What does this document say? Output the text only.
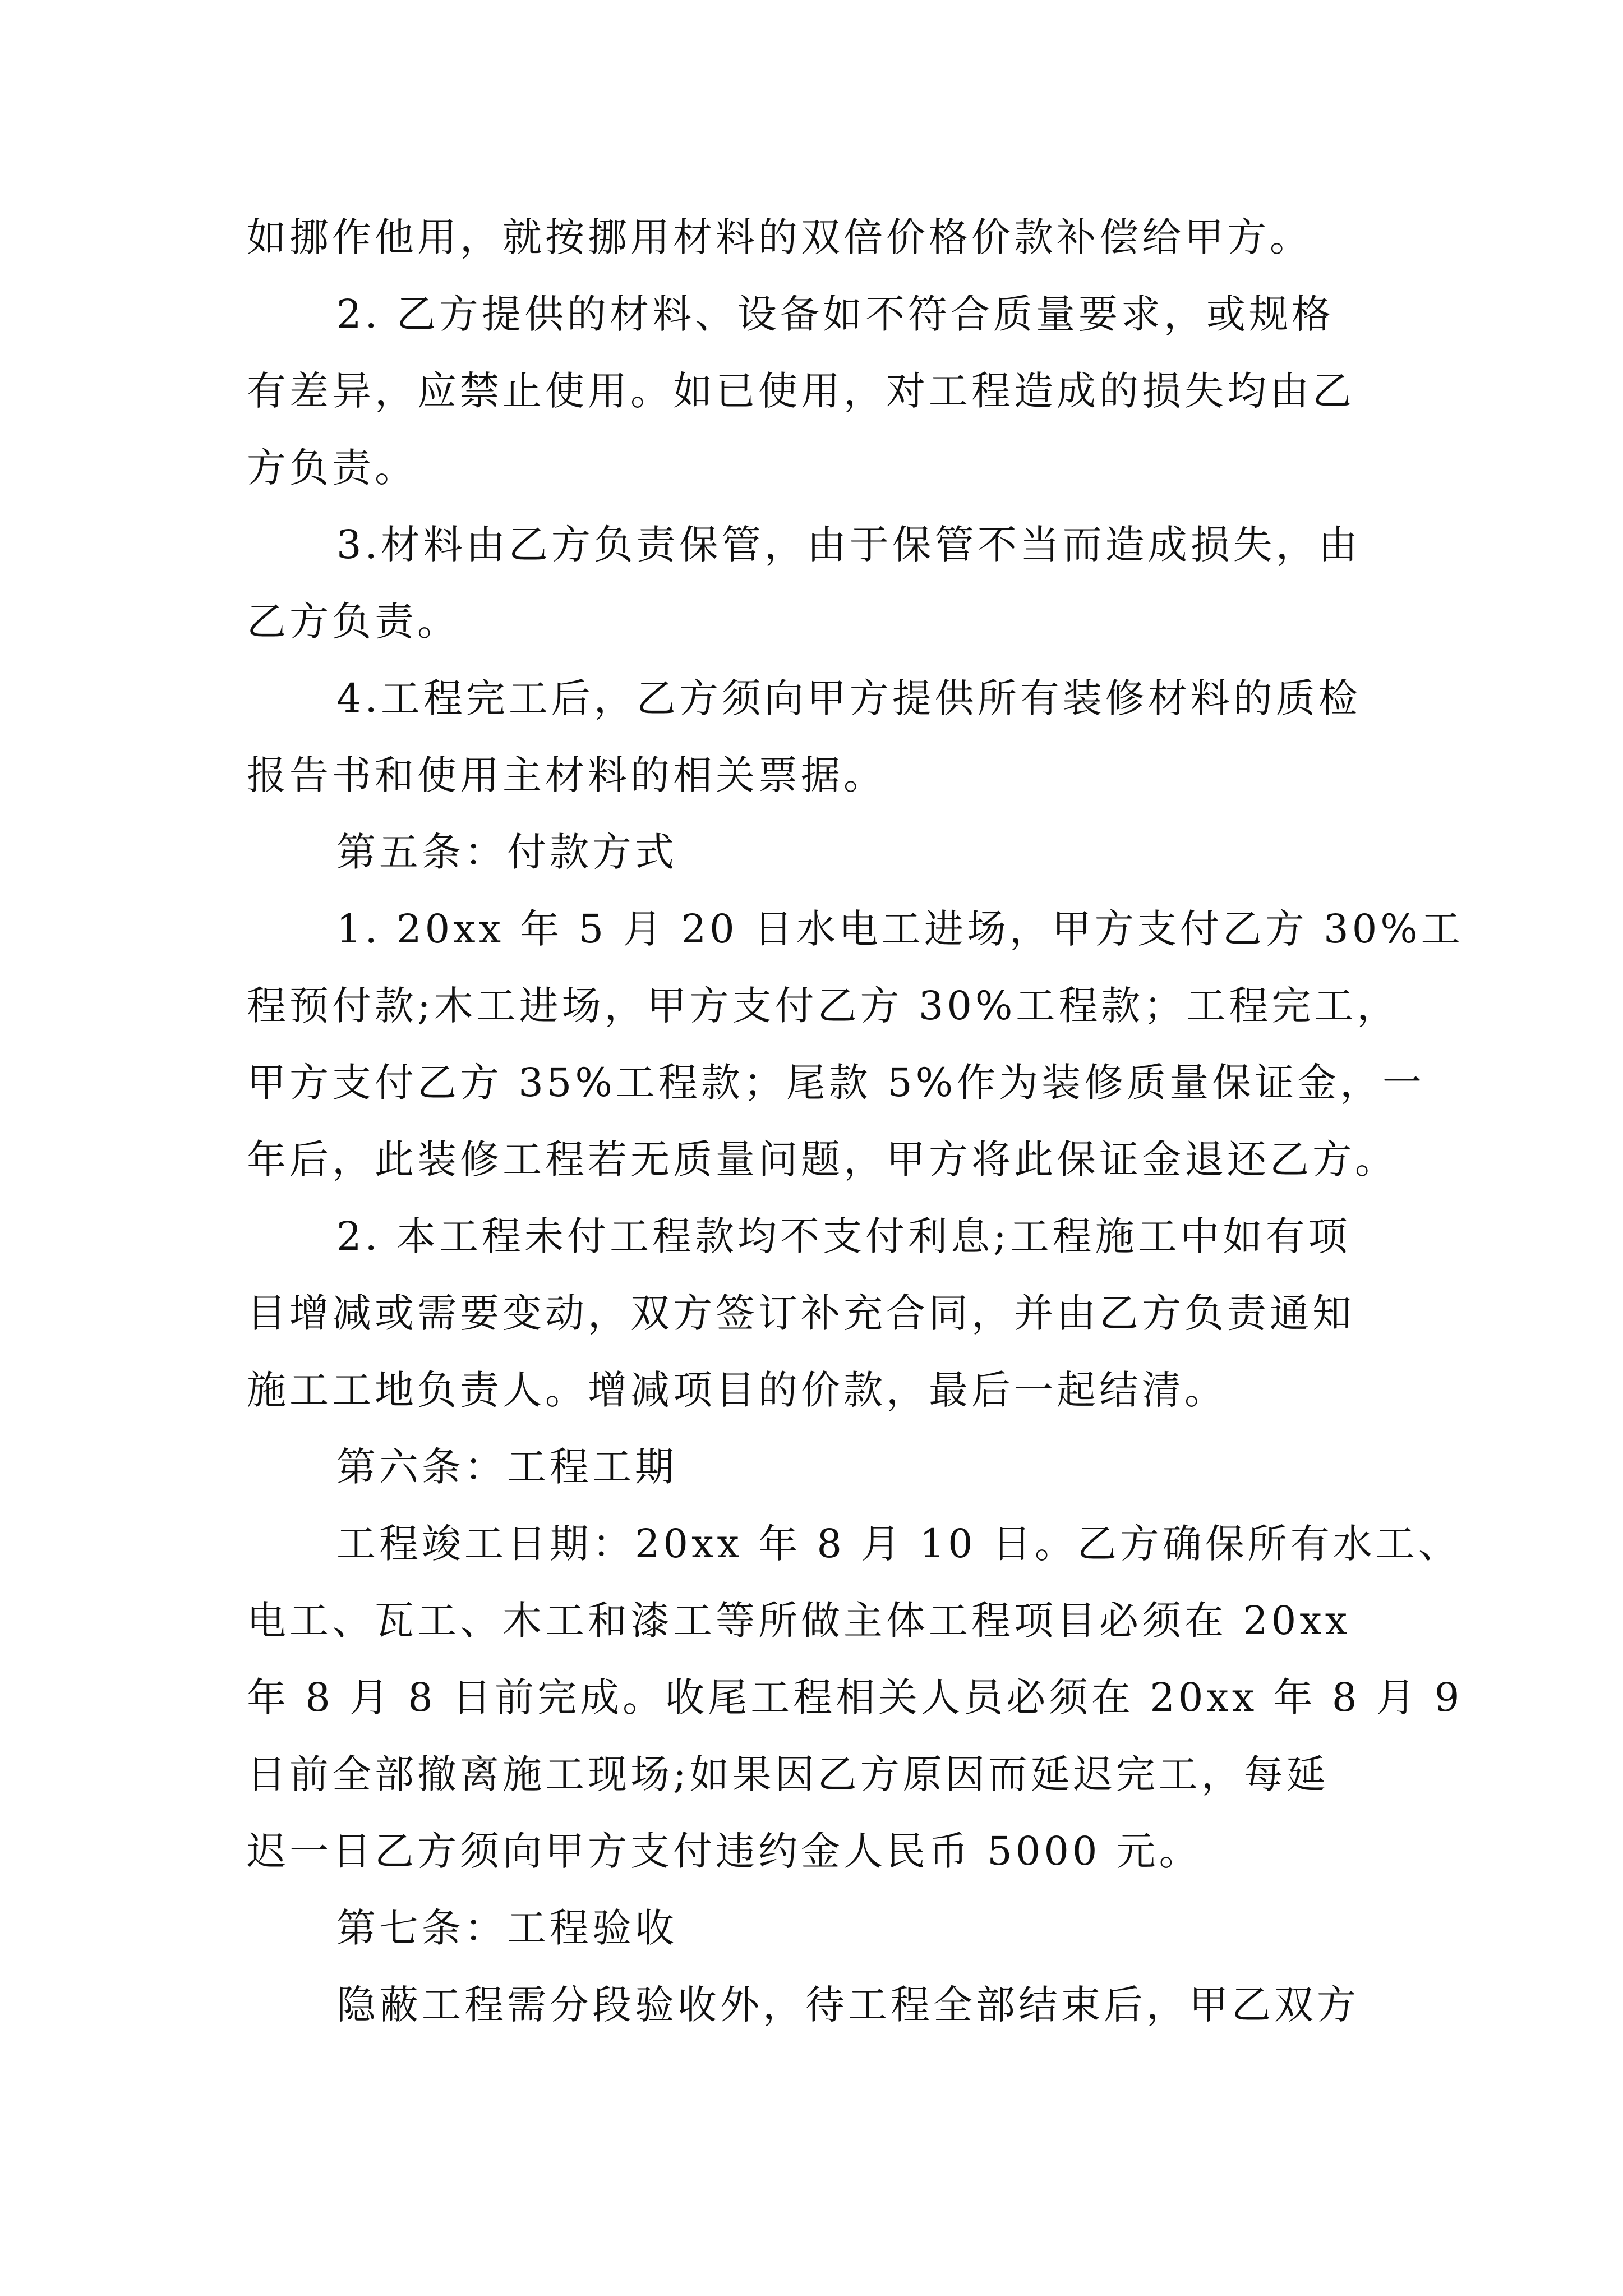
如挪作他用，就按挪用材料的双倍价格价款补偿给甲方。
2. 乙方提供的材料、设备如不符合质量要求，或规格
有差异，应禁止使用。如已使用，对工程造成的损失均由乙
方负责。
3.材料由乙方负责保管，由于保管不当而造成损失，由
乙方负责。
4.工程完工后，乙方须向甲方提供所有装修材料的质检
报告书和使用主材料的相关票据。
第五条：付款方式
1. 20xx 年 5 月 20 日水电工进场，甲方支付乙方 30%工
程预付款;木工进场，甲方支付乙方 30%工程款；工程完工，
甲方支付乙方 35%工程款；尾款 5%作为装修质量保证金，一
年后，此装修工程若无质量问题，甲方将此保证金退还乙方。
2. 本工程未付工程款均不支付利息;工程施工中如有项
目增减或需要变动，双方签订补充合同，并由乙方负责通知
施工工地负责人。增减项目的价款，最后一起结清。
第六条：工程工期
工程竣工日期：20xx 年 8 月 10 日。乙方确保所有水工、
电工、瓦工、木工和漆工等所做主体工程项目必须在 20xx
年 8 月 8 日前完成。收尾工程相关人员必须在 20xx 年 8 月 9
日前全部撤离施工现场;如果因乙方原因而延迟完工，每延
迟一日乙方须向甲方支付违约金人民币 5000 元。
第七条：工程验收
隐蔽工程需分段验收外，待工程全部结束后，甲乙双方
